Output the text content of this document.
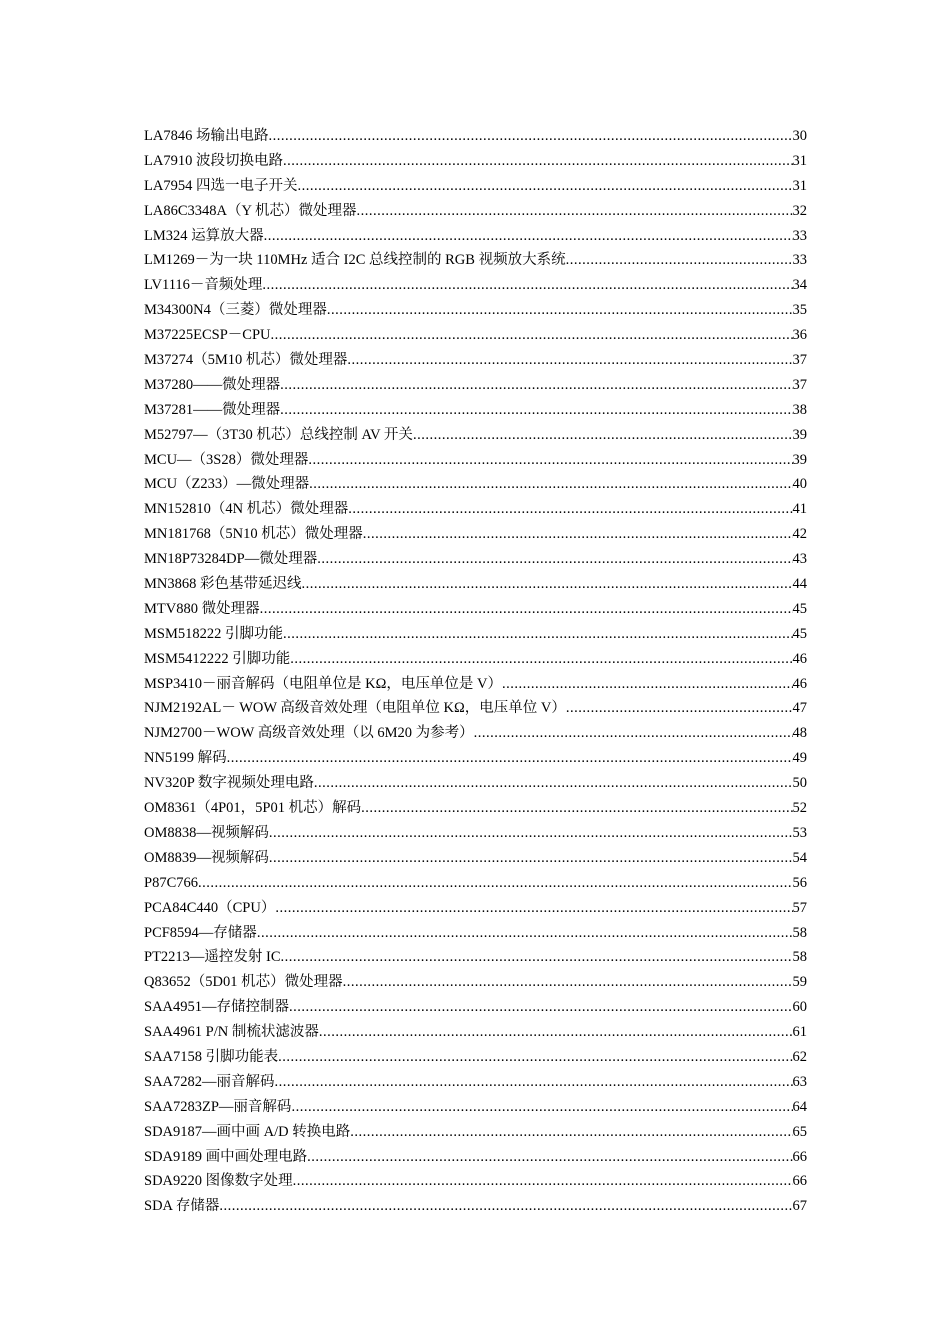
LA7846 场输出电路 .....	30
LA7910 波段切换电路 .....	31
LA7954 四选一电子开关 .....	31
LA86C3348A（Y 机芯）微处理器 .....	32
LM324 运算放大器 .....	33
LM1269－为一块 110MHz 适合 I2C 总线控制的 RGB 视频放大系统 .....	33
LV1116－音频处理 .....	34
M34300N4（三菱）微处理器 .....	35
M37225ECSP－CPU .....	36
M37274（5M10 机芯）微处理器 .....	37
M37280——微处理器 .....	37
M37281——微处理器 .....	38
M52797—（3T30 机芯）总线控制 AV 开关 .....	39
MCU—（3S28）微处理器 .....	39
MCU（Z233）—微处理器 .....	40
MN152810（4N 机芯）微处理器 .....	41
MN181768（5N10 机芯）微处理器 .....	42
MN18P73284DP—微处理器 .....	43
MN3868 彩色基带延迟线 .....	44
MTV880 微处理器 .....	45
MSM518222 引脚功能 .....	45
MSM5412222 引脚功能 .....	46
MSP3410－丽音解码（电阻单位是 KΩ，电压单位是 V） .....	46
NJM2192AL－ WOW 高级音效处理（电阻单位 KΩ，电压单位 V） .....	47
NJM2700－WOW 高级音效处理（以 6M20 为参考） .....	48
NN5199 解码 .....	49
NV320P 数字视频处理电路 .....	50
OM8361（4P01，5P01 机芯）解码 .....	52
OM8838—视频解码 .....	53
OM8839—视频解码 .....	54
P87C766 .....	56
PCA84C440（CPU） .....	57
PCF8594—存储器 .....	58
PT2213—遥控发射 IC .....	58
Q83652（5D01 机芯）微处理器 .....	59
SAA4951—存储控制器 .....	60
SAA4961 P/N 制梳状滤波器 .....	61
SAA7158 引脚功能表 .....	62
SAA7282—丽音解码 .....	63
SAA7283ZP—丽音解码 .....	64
SDA9187—画中画 A/D 转换电路 .....	65
SDA9189 画中画处理电路 .....	66
SDA9220 图像数字处理 .....	66
SDA 存储器 .....	67
